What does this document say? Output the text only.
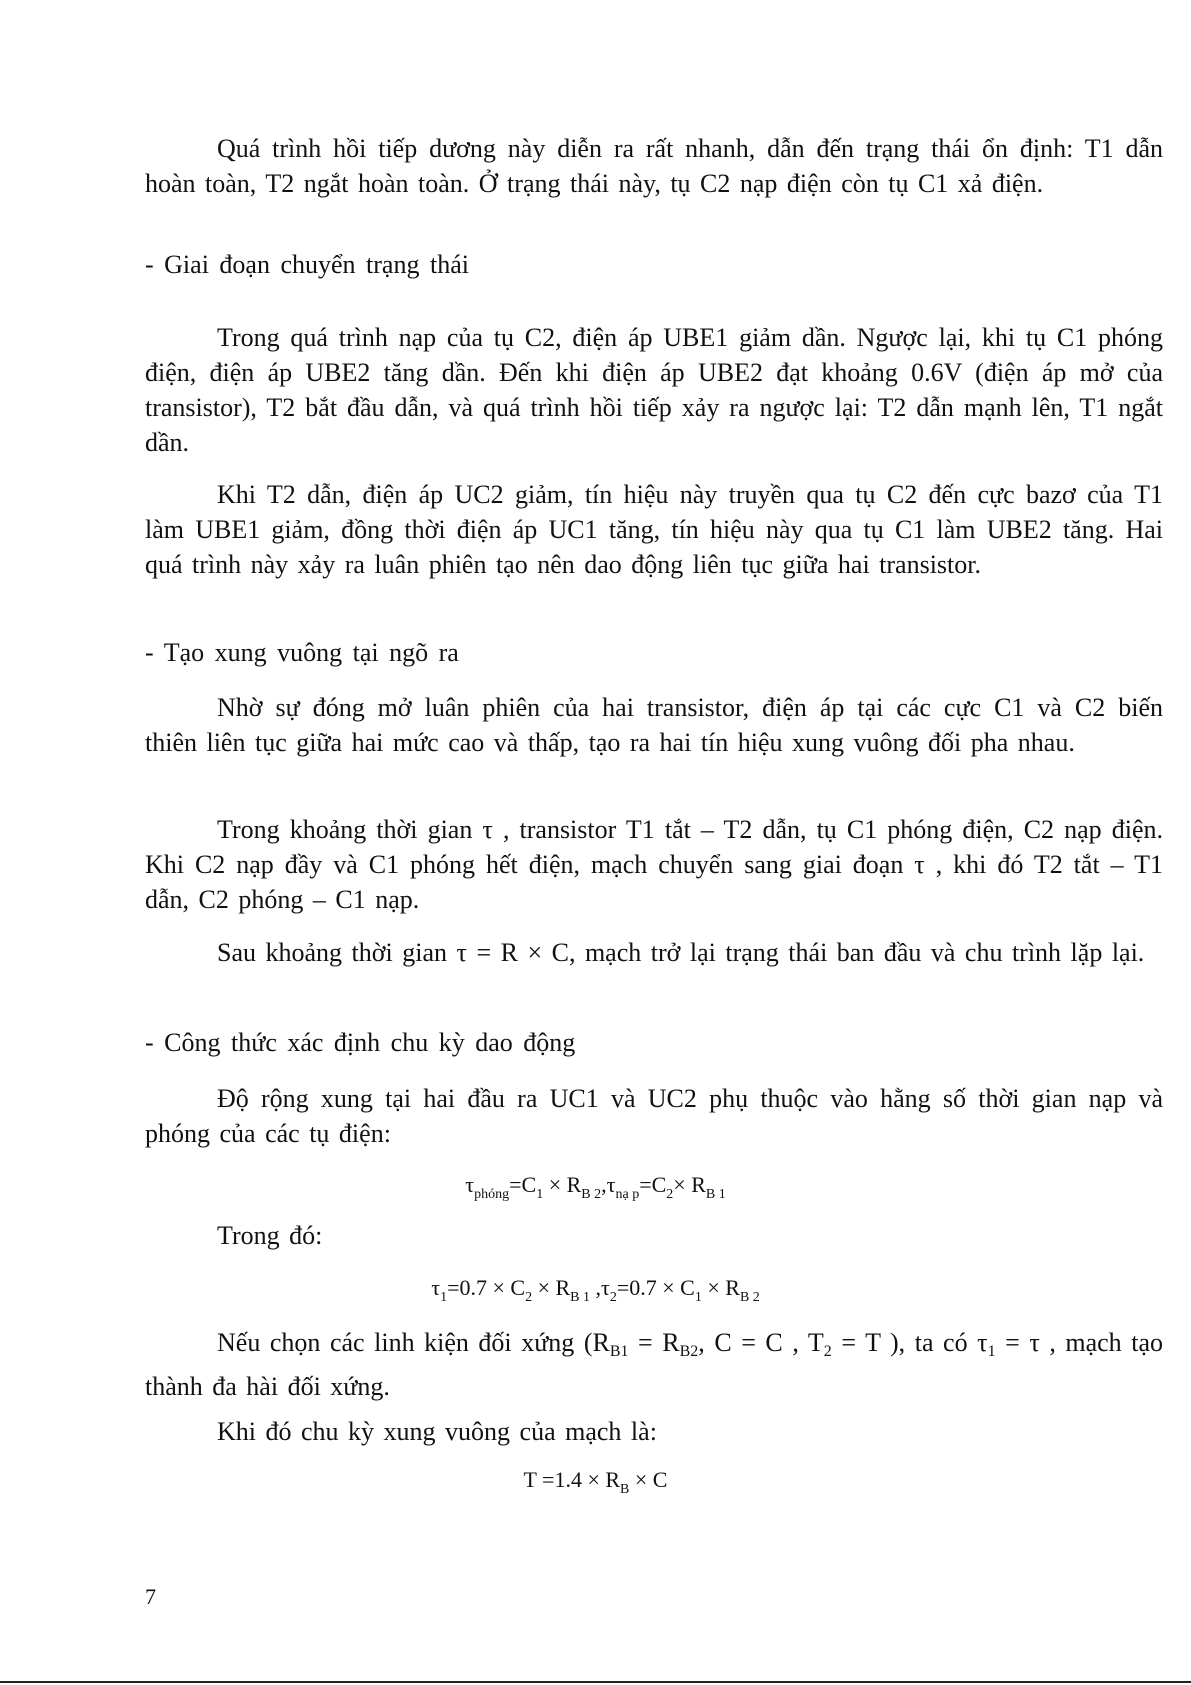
Quá trình hồi tiếp dương này diễn ra rất nhanh, dẫn đến trạng thái ổn định: T1 dẫn hoàn toàn, T2 ngắt hoàn toàn. Ở trạng thái này, tụ C2 nạp điện còn tụ C1 xả điện.

- Giai đoạn chuyển trạng thái

Trong quá trình nạp của tụ C2, điện áp UBE1 giảm dần. Ngược lại, khi tụ C1 phóng điện, điện áp UBE2 tăng dần. Đến khi điện áp UBE2 đạt khoảng 0.6V (điện áp mở của transistor), T2 bắt đầu dẫn, và quá trình hồi tiếp xảy ra ngược lại: T2 dẫn mạnh lên, T1 ngắt dần.

Khi T2 dẫn, điện áp UC2 giảm, tín hiệu này truyền qua tụ C2 đến cực bazơ của T1 làm UBE1 giảm, đồng thời điện áp UC1 tăng, tín hiệu này qua tụ C1 làm UBE2 tăng. Hai quá trình này xảy ra luân phiên tạo nên dao động liên tục giữa hai transistor.

- Tạo xung vuông tại ngõ ra

Nhờ sự đóng mở luân phiên của hai transistor, điện áp tại các cực C1 và C2 biến thiên liên tục giữa hai mức cao và thấp, tạo ra hai tín hiệu xung vuông đối pha nhau.

Trong khoảng thời gian τ , transistor T1 tắt – T2 dẫn, tụ C1 phóng điện, C2 nạp điện. Khi C2 nạp đầy và C1 phóng hết điện, mạch chuyển sang giai đoạn τ , khi đó T2 tắt – T1 dẫn, C2 phóng – C1 nạp.

Sau khoảng thời gian τ = R × C, mạch trở lại trạng thái ban đầu và chu trình lặp lại.

- Công thức xác định chu kỳ dao động

Độ rộng xung tại hai đầu ra UC1 và UC2 phụ thuộc vào hằng số thời gian nạp và phóng của các tụ điện:

$\tau_{phóng}=C_1 \times R_{B 2},\tau_{nạ p}=C_2\times R_{B 1}$

Trong đó:

$\tau_1=0.7 \times C_2 \times R_{B 1}$ $,\tau_2=0.7 \times C_1 \times R_{B 2}$

Nếu chọn các linh kiện đối xứng ($R_{B1} = R_{B2}$, C = C , $T_2 = T$ ), ta có $\tau_1 = \tau$ , mạch tạo thành đa hài đối xứng.

Khi đó chu kỳ xung vuông của mạch là:

$T =1.4 \times R_B \times C$
7
